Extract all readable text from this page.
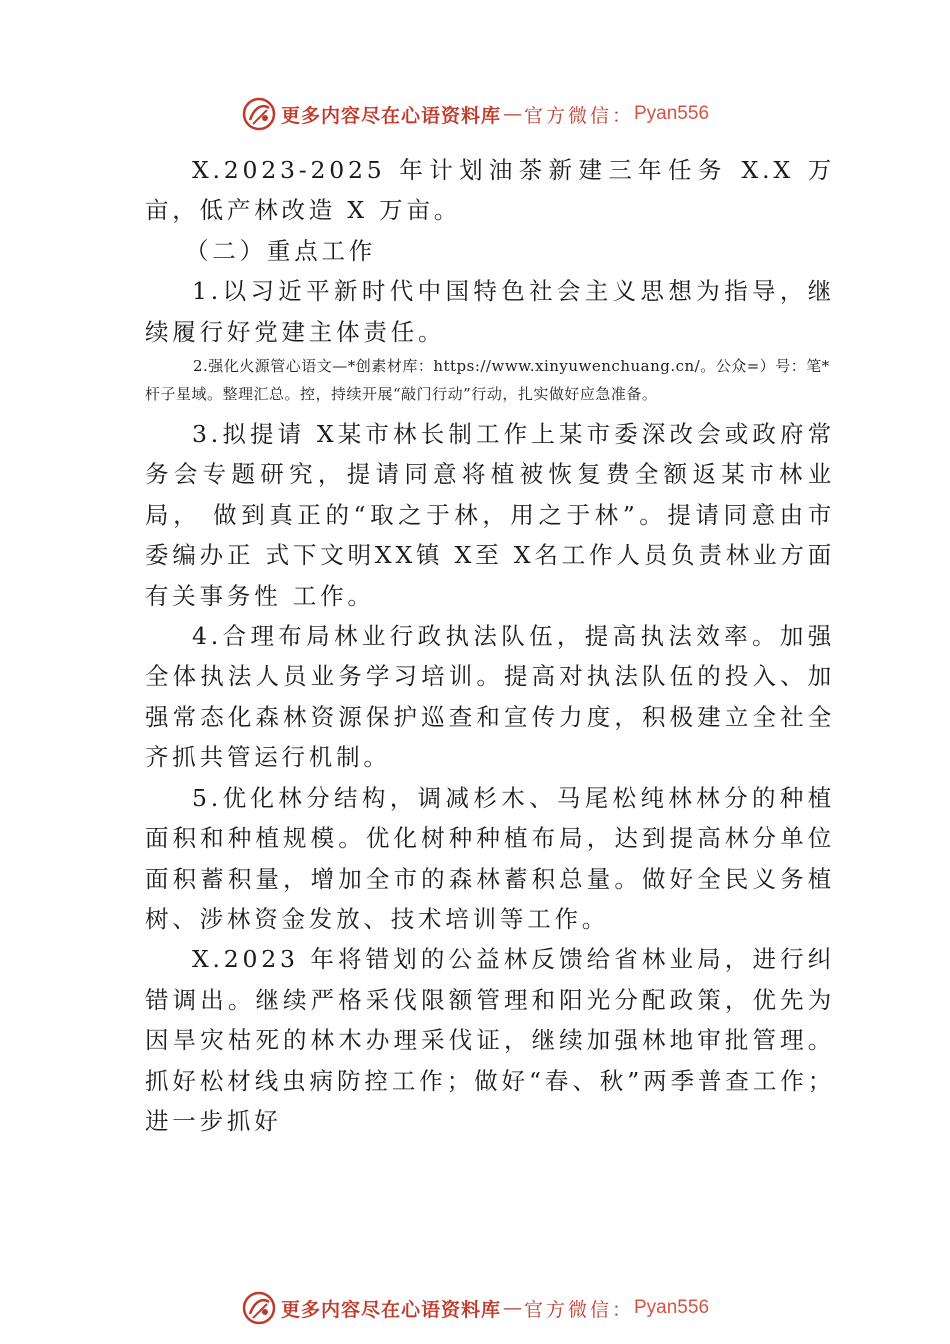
更多内容尽在心语资料库 — 官方微信： Pyan556

X.2023-2025 年计划油茶新建三年任务 X.X 万亩，低产林改造 X 万亩。

（二）重点工作

1.以习近平新时代中国特色社会主义思想为指导，继续履行好党建主体责任。

2.强化火源管心语文—*创素材库：https://www.xinyuwenchuang.cn/。公众=）号：笔*杆子星域。整理汇总。控，持续开展“敲门行动”行动，扎实做好应急准备。

3.拟提请 X某市林长制工作上某市委深改会或政府常务会专题研究，提请同意将植被恢复费全额返某市林业局， 做到真正的“取之于林，用之于林”。提请同意由市委编办正 式下文明XX镇 X至 X名工作人员负责林业方面有关事务性 工作。

4.合理布局林业行政执法队伍，提高执法效率。加强全体执法人员业务学习培训。提高对执法队伍的投入、加强常态化森林资源保护巡查和宣传力度，积极建立全社全齐抓共管运行机制。

5.优化林分结构，调减杉木、马尾松纯林林分的种植面积和种植规模。优化树种种植布局，达到提高林分单位面积蓄积量，增加全市的森林蓄积总量。做好全民义务植树、涉林资金发放、技术培训等工作。

X.2023 年将错划的公益林反馈给省林业局，进行纠错调出。继续严格采伐限额管理和阳光分配政策，优先为因旱灾枯死的林木办理采伐证，继续加强林地审批管理。抓好松材线虫病防控工作；做好“春、秋”两季普查工作；进一步抓好

更多内容尽在心语资料库 — 官方微信： Pyan556
